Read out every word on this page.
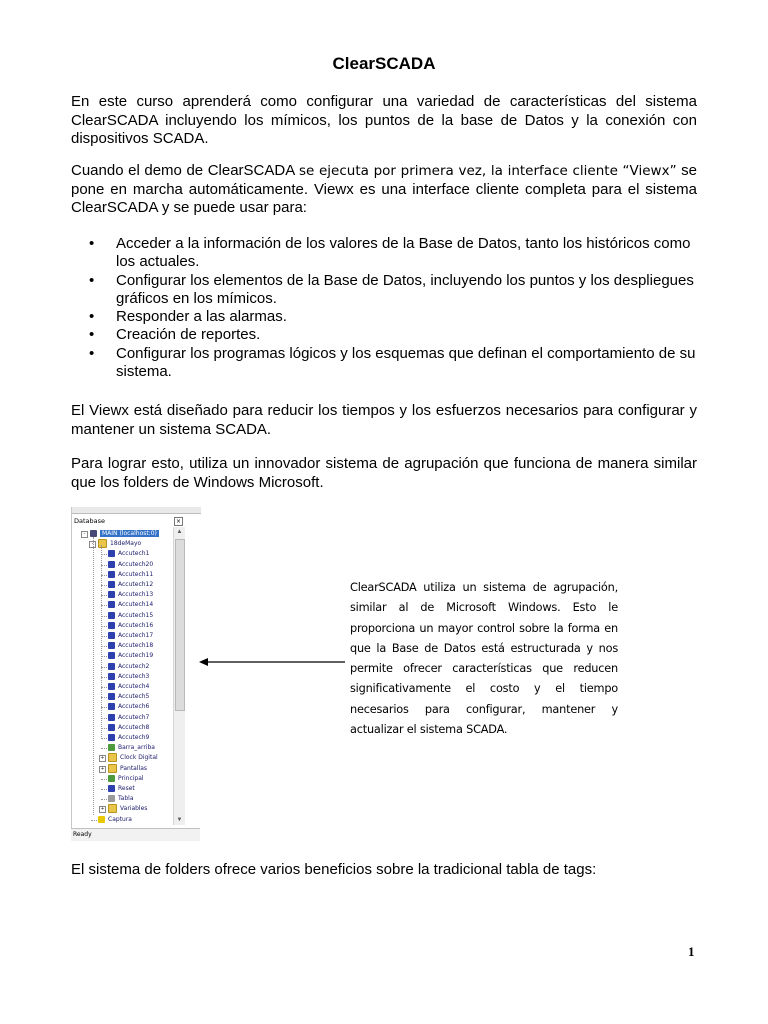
ClearSCADA

En este curso aprenderá como configurar una variedad de características del sistema ClearSCADA incluyendo los mímicos, los puntos de la base de Datos y la conexión con dispositivos SCADA.

Cuando el demo de ClearSCADA se ejecuta por primera vez, la interface cliente “Viewx” se pone en marcha automáticamente. Viewx es una interface cliente completa para el sistema ClearSCADA y se puede usar para:

• Acceder a la información de los valores de la Base de Datos, tanto los históricos como los actuales.
• Configurar los elementos de la Base de Datos, incluyendo los puntos y los despliegues gráficos en los mímicos.
• Responder a las alarmas.
• Creación de reportes.
• Configurar los programas lógicos y los esquemas que definan el comportamiento de su sistema.

El Viewx está diseñado para reducir los tiempos y los esfuerzos necesarios para configurar y mantener un sistema SCADA.

Para lograr esto, utiliza un innovador sistema de agrupación que funciona de manera similar que los folders de Windows Microsoft.

Database	×
MAIN (localhost:0)
-
18deMayo
-
Accutech1
Accutech20
Accutech11
Accutech12
Accutech13
Accutech14
Accutech15
Accutech16
Accutech17
Accutech18
Accutech19
Accutech2
Accutech3
Accutech4
Accutech5
Accutech6
Accutech7
Accutech8
Accutech9
Barra_arriba
Clock Digital
+
Pantallas
+
Principal
Reset
Tabla
Variables
+
Captura
▲
▼
Ready

ClearSCADA utiliza un sistema de agrupación, similar al de Microsoft Windows. Esto le proporciona un mayor control sobre la forma en que la Base de Datos está estructurada y nos permite ofrecer características que reducen significativamente el costo y el tiempo necesarios para configurar, mantener y actualizar el sistema SCADA.

El sistema de folders ofrece varios beneficios sobre la tradicional tabla de tags:

1
